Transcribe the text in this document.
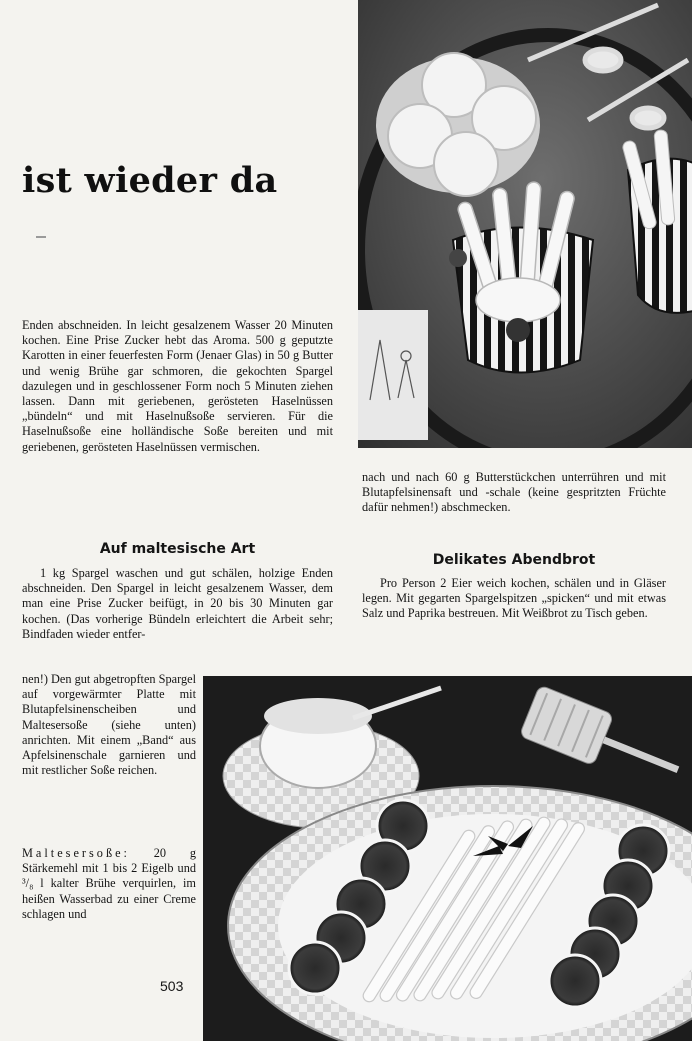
ist wieder da

Enden abschneiden. In leicht gesalzenem Wasser 20 Minuten kochen. Eine Prise Zucker hebt das Aroma. 500 g geputzte Karotten in einer feuerfesten Form (Jenaer Glas) in 50 g Butter und wenig Brühe gar schmoren, die gekochten Spargel dazulegen und in geschlossener Form noch 5 Minuten ziehen lassen. Dann mit geriebenen, gerösteten Haselnüssen „bündeln“ und mit Haselnußsoße servieren. Für die Haselnußsoße eine holländische Soße bereiten und mit geriebenen, gerösteten Haselnüssen vermischen.

Auf maltesische Art

1 kg Spargel waschen und gut schälen, holzige Enden abschneiden. Den Spargel in leicht gesalzenem Wasser, dem man eine Prise Zucker beifügt, in 20 bis 30 Minuten gar kochen. (Das vorherige Bündeln erleichtert die Arbeit sehr; Bindfaden wieder entfer-

nen!) Den gut abgetropften Spargel auf vorgewärmter Platte mit Blutapfelsinenscheiben und Maltesersoße (siehe unten) anrichten. Mit einem „Band“ aus Apfelsinenschale garnieren und mit restlicher Soße reichen.

Maltesersoße: 20 g Stärkemehl mit 1 bis 2 Eigelb und ³/₈ l kalter Brühe verquirlen, im heißen Wasserbad zu einer Creme schlagen und

503

nach und nach 60 g Butterstückchen unterrühren und mit Blutapfelsinensaft und -schale (keine gespritzten Früchte dafür nehmen!) abschmecken.

Delikates Abendbrot

Pro Person 2 Eier weich kochen, schälen und in Gläser legen. Mit gegarten Spargelspitzen „spicken“ und mit etwas Salz und Paprika bestreuen. Mit Weißbrot zu Tisch geben.
